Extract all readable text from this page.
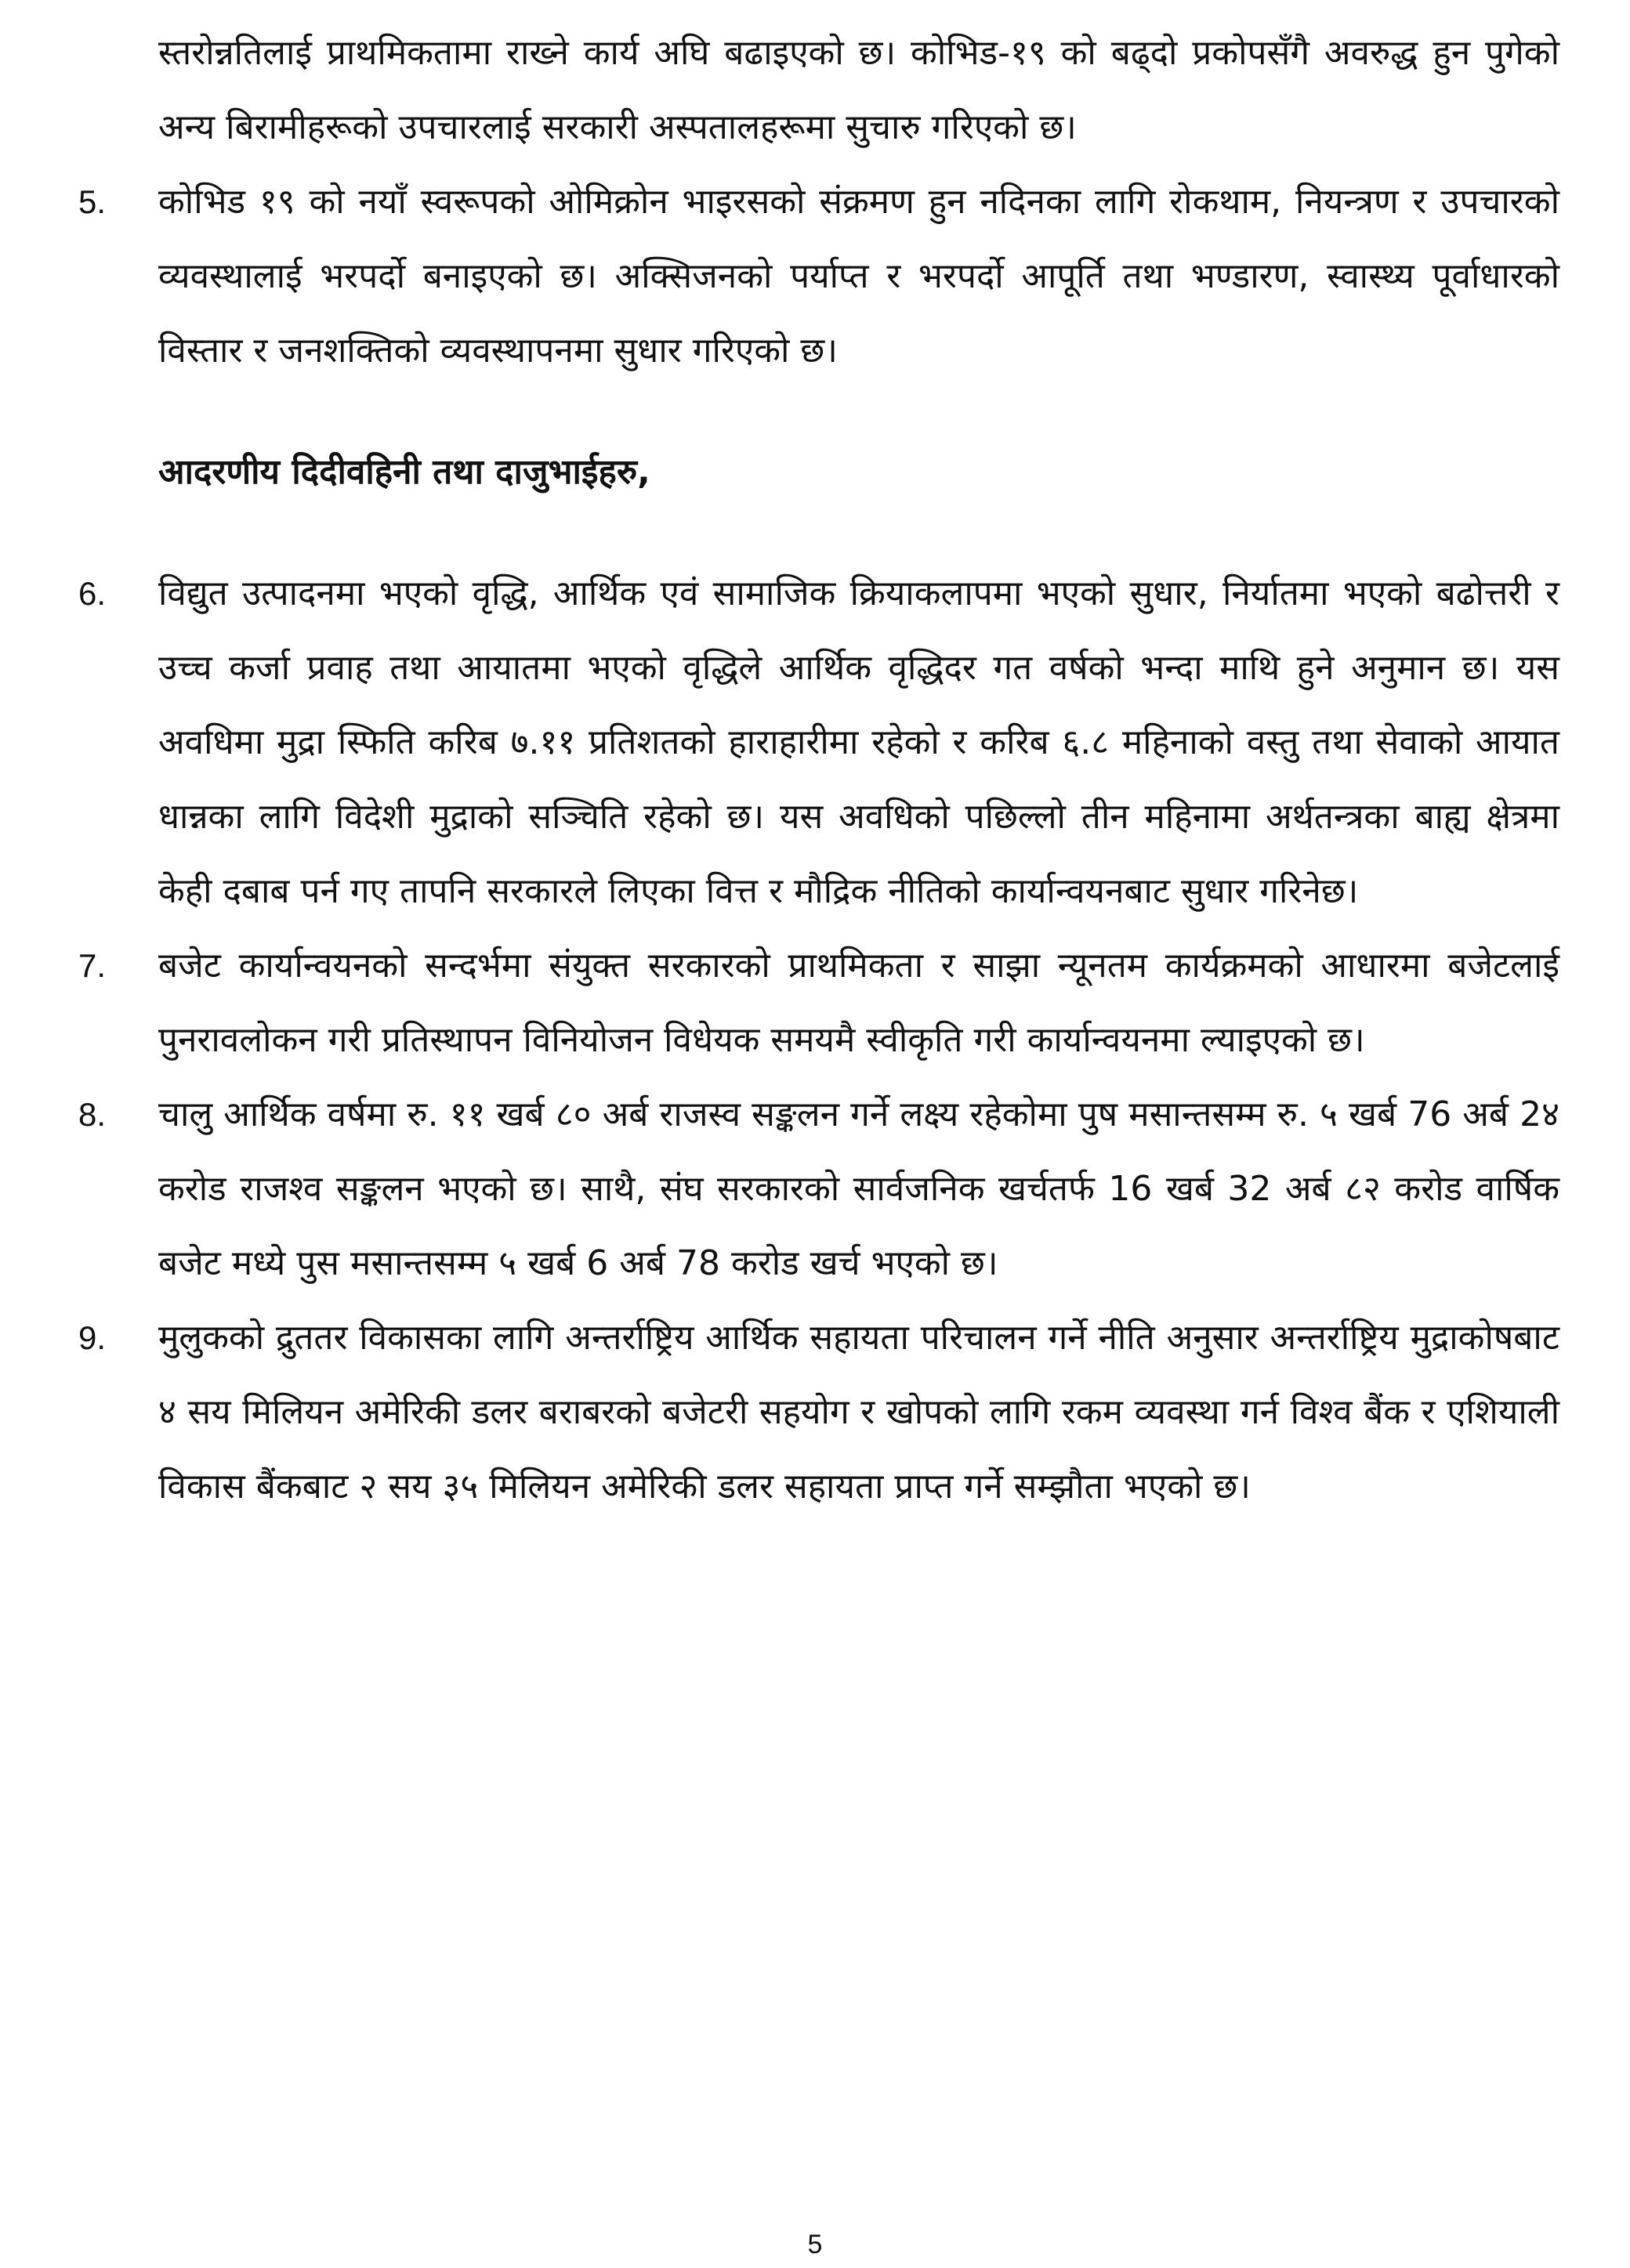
स्तरोन्नतिलाई प्राथमिकतामा राख्ने कार्य अघि बढाइएको छ। कोभिड-१९ को बढ्दो प्रकोपसँगै अवरुद्ध हुन पुगेको अन्य बिरामीहरूको उपचारलाई सरकारी अस्पतालहरूमा सुचारु गरिएको छ।

5. कोभिड १९ को नयाँ स्वरूपको ओमिक्रोन भाइरसको संक्रमण हुन नदिनका लागि रोकथाम, नियन्त्रण र उपचारको व्यवस्थालाई भरपर्दो बनाइएको छ। अक्सिजनको पर्याप्त र भरपर्दो आपूर्ति तथा भण्डारण, स्वास्थ्य पूर्वाधारको विस्तार र जनशक्तिको व्यवस्थापनमा सुधार गरिएको छ।

आदरणीय दिदीवहिनी तथा दाजुभाईहरु,

6. विद्युत उत्पादनमा भएको वृद्धि, आर्थिक एवं सामाजिक क्रियाकलापमा भएको सुधार, निर्यातमा भएको बढोत्तरी र उच्च कर्जा प्रवाह तथा आयातमा भएको वृद्धिले आर्थिक वृद्धिदर गत वर्षको भन्दा माथि हुने अनुमान छ। यस अवधिमा मुद्रा स्फिति करिब ७.११ प्रतिशतको हाराहारीमा रहेको र करिब ६.८ महिनाको वस्तु तथा सेवाको आयात धान्नका लागि विदेशी मुद्राको सञ्चिति रहेको छ। यस अवधिको पछिल्लो तीन महिनामा अर्थतन्त्रका बाह्य क्षेत्रमा केही दबाब पर्न गए तापनि सरकारले लिएका वित्त र मौद्रिक नीतिको कार्यान्वयनबाट सुधार गरिनेछ।

7. बजेट कार्यान्वयनको सन्दर्भमा संयुक्त सरकारको प्राथमिकता र साझा न्यूनतम कार्यक्रमको आधारमा बजेटलाई पुनरावलोकन गरी प्रतिस्थापन विनियोजन विधेयक समयमै स्वीकृति गरी कार्यान्वयनमा ल्याइएको छ।

8. चालु आर्थिक वर्षमा रु. ११ खर्ब ८० अर्ब राजस्व सङ्कलन गर्ने लक्ष्य रहेकोमा पुष मसान्तसम्म रु. ५ खर्ब 76 अर्ब 2४ करोड राजश्व सङ्कलन भएको छ। साथै, संघ सरकारको सार्वजनिक खर्चतर्फ 16 खर्ब 32 अर्ब ८२ करोड वार्षिक बजेट मध्ये पुस मसान्तसम्म ५ खर्ब 6 अर्ब 78 करोड खर्च भएको छ।

9. मुलुकको द्रुततर विकासका लागि अन्तर्राष्ट्रिय आर्थिक सहायता परिचालन गर्ने नीति अनुसार अन्तर्राष्ट्रिय मुद्राकोषबाट ४ सय मिलियन अमेरिकी डलर बराबरको बजेटरी सहयोग र खोपको लागि रकम व्यवस्था गर्न विश्व बैंक र एशियाली विकास बैंकबाट २ सय ३५ मिलियन अमेरिकी डलर सहायता प्राप्त गर्ने सम्झौता भएको छ।

5
